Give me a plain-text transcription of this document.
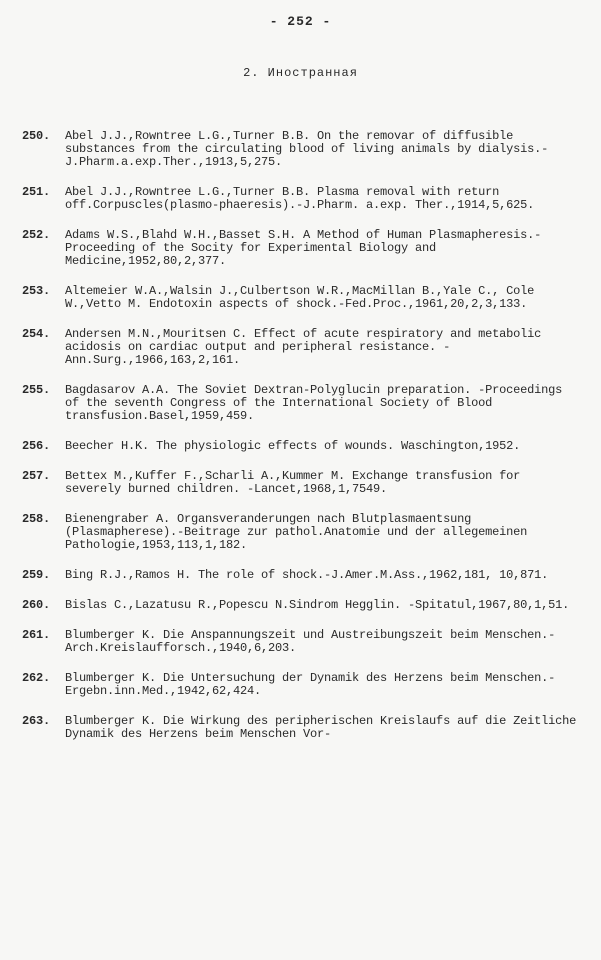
- 252 -
2. Иностранная
250. Abel J.J.,Rowntree L.G.,Turner B.B. On the removar of diffusible substances from the circulating blood of living animals by dialysis.-J.Pharm.a.exp.Ther.,1913,5,275.
251. Abel J.J.,Rowntree L.G.,Turner B.B. Plasma removal with return off.Corpuscles(plasmo-phaeresis).-J.Pharm. a.exp. Ther.,1914,5,625.
252. Adams W.S.,Blahd W.H.,Basset S.H. A Method of Human Plasmapheresis.-Proceeding of the Socity for Experimental Biology and Medicine,1952,80,2,377.
253. Altemeier W.A.,Walsin J.,Culbertson W.R.,MacMillan B.,Yale C., Cole W.,Vetto M. Endotoxin aspects of shock.-Fed.Proc.,1961,20,2,3,133.
254. Andersen M.N.,Mouritsen C. Effect of acute respiratory and metabolic acidosis on cardiac output and peripheral resistance. -Ann.Surg.,1966,163,2,161.
255. Bagdasarov A.A. The Soviet Dextran-Polyglucin preparation. -Proceedings of the seventh Congress of the International Society of Blood transfusion.Basel,1959,459.
256. Beecher H.K. The physiologic effects of wounds. Waschington,1952.
257. Bettex M.,Kuffer F.,Scharli A.,Kummer M. Exchange transfusion for severely burned children. -Lancet,1968,1,7549.
258. Bienengraber A. Organsveranderungen nach Blutplasmaentsung (Plasmapherese).-Beitrage zur pathol.Anatomie und der allegemeinen Pathologie,1953,113,1,182.
259. Bing R.J.,Ramos H. The role of shock.-J.Amer.M.Ass.,1962,181, 10,871.
260. Bislas C.,Lazatusu R.,Popescu N.Sindrom Hegglin. -Spitatul,1967,80,1,51.
261. Blumberger K. Die Anspannungszeit und Austreibungszeit beim Menschen.-Arch.Kreislaufforsch.,1940,6,203.
262. Blumberger K. Die Untersuchung der Dynamik des Herzens beim Menschen.-Ergebn.inn.Med.,1942,62,424.
263. Blumberger K. Die Wirkung des peripherischen Kreislaufs auf die Zeitliche Dynamik des Herzens beim Menschen Vor-
